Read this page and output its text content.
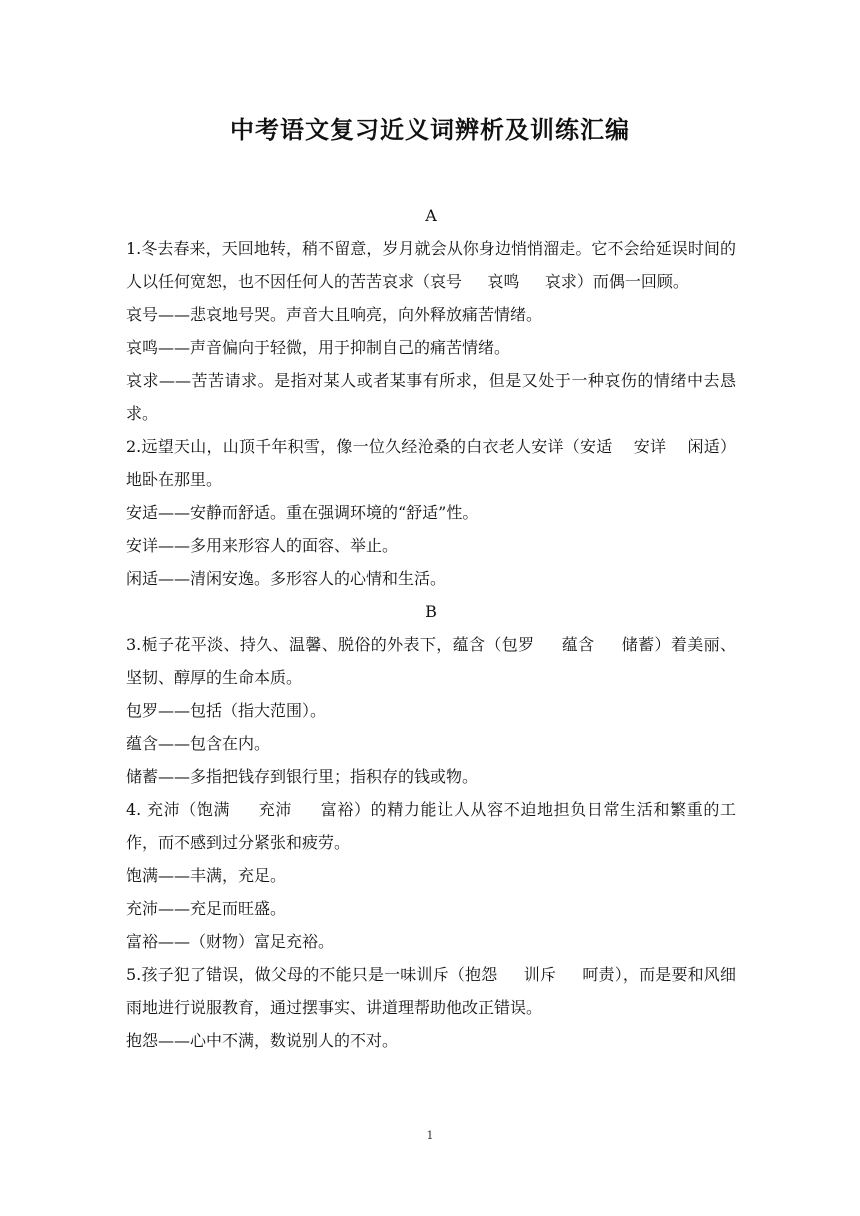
中考语文复习近义词辨析及训练汇编

A

1.冬去春来，天回地转，稍不留意，岁月就会从你身边悄悄溜走。它不会给延误时间的人以任何宽恕，也不因任何人的苦苦哀求（哀号     哀鸣     哀求）而偶一回顾。

哀号——悲哀地号哭。声音大且响亮，向外释放痛苦情绪。

哀鸣——声音偏向于轻微，用于抑制自己的痛苦情绪。

哀求——苦苦请求。是指对某人或者某事有所求，但是又处于一种哀伤的情绪中去恳求。

2.远望天山，山顶千年积雪，像一位久经沧桑的白衣老人安详（安适    安详    闲适）地卧在那里。

安适——安静而舒适。重在强调环境的“舒适”性。

安详——多用来形容人的面容、举止。

闲适——清闲安逸。多形容人的心情和生活。

B

3.栀子花平淡、持久、温馨、脱俗的外表下，蕴含（包罗     蕴含     储蓄）着美丽、坚韧、醇厚的生命本质。

包罗——包括（指大范围）。

蕴含——包含在内。

储蓄——多指把钱存到银行里；指积存的钱或物。

4. 充沛（饱满     充沛     富裕）的精力能让人从容不迫地担负日常生活和繁重的工作，而不感到过分紧张和疲劳。

饱满——丰满，充足。

充沛——充足而旺盛。

富裕——（财物）富足充裕。

5.孩子犯了错误，做父母的不能只是一味训斥（抱怨     训斥     呵责），而是要和风细雨地进行说服教育，通过摆事实、讲道理帮助他改正错误。

抱怨——心中不满，数说别人的不对。

1
